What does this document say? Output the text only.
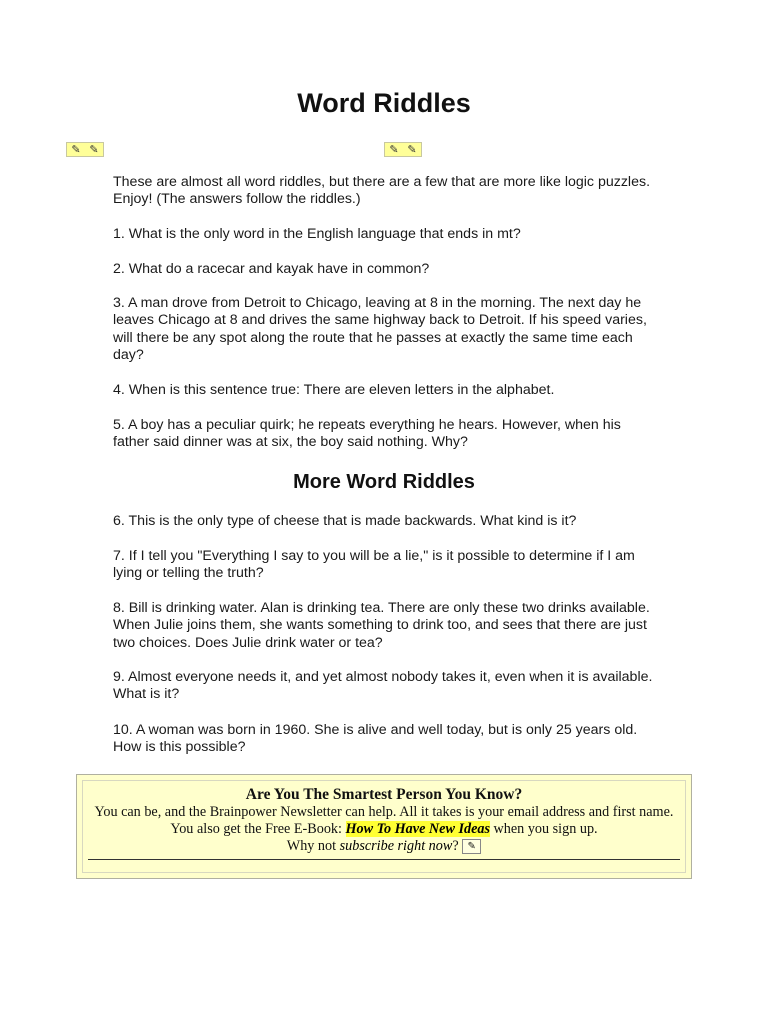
Word Riddles
✎ ✎	✎ ✎

These are almost all word riddles, but there are a few that are more like logic puzzles. Enjoy! (The answers follow the riddles.)

1. What is the only word in the English language that ends in mt?

2. What do a racecar and kayak have in common?

3. A man drove from Detroit to Chicago, leaving at 8 in the morning. The next day he leaves Chicago at 8 and drives the same highway back to Detroit. If his speed varies, will there be any spot along the route that he passes at exactly the same time each day?

4. When is this sentence true: There are eleven letters in the alphabet.

5. A boy has a peculiar quirk; he repeats everything he hears. However, when his father said dinner was at six, the boy said nothing. Why?

More Word Riddles

6. This is the only type of cheese that is made backwards. What kind is it?

7. If I tell you "Everything I say to you will be a lie," is it possible to determine if I am lying or telling the truth?

8. Bill is drinking water. Alan is drinking tea. There are only these two drinks available. When Julie joins them, she wants something to drink too, and sees that there are just two choices. Does Julie drink water or tea?

9. Almost everyone needs it, and yet almost nobody takes it, even when it is available. What is it?

10. A woman was born in 1960. She is alive and well today, but is only 25 years old. How is this possible?

Are You The Smartest Person You Know?
You can be, and the Brainpower Newsletter can help. All it takes is your email address and first name. You also get the Free E-Book: How To Have New Ideas when you sign up.
Why not subscribe right now? ✎
